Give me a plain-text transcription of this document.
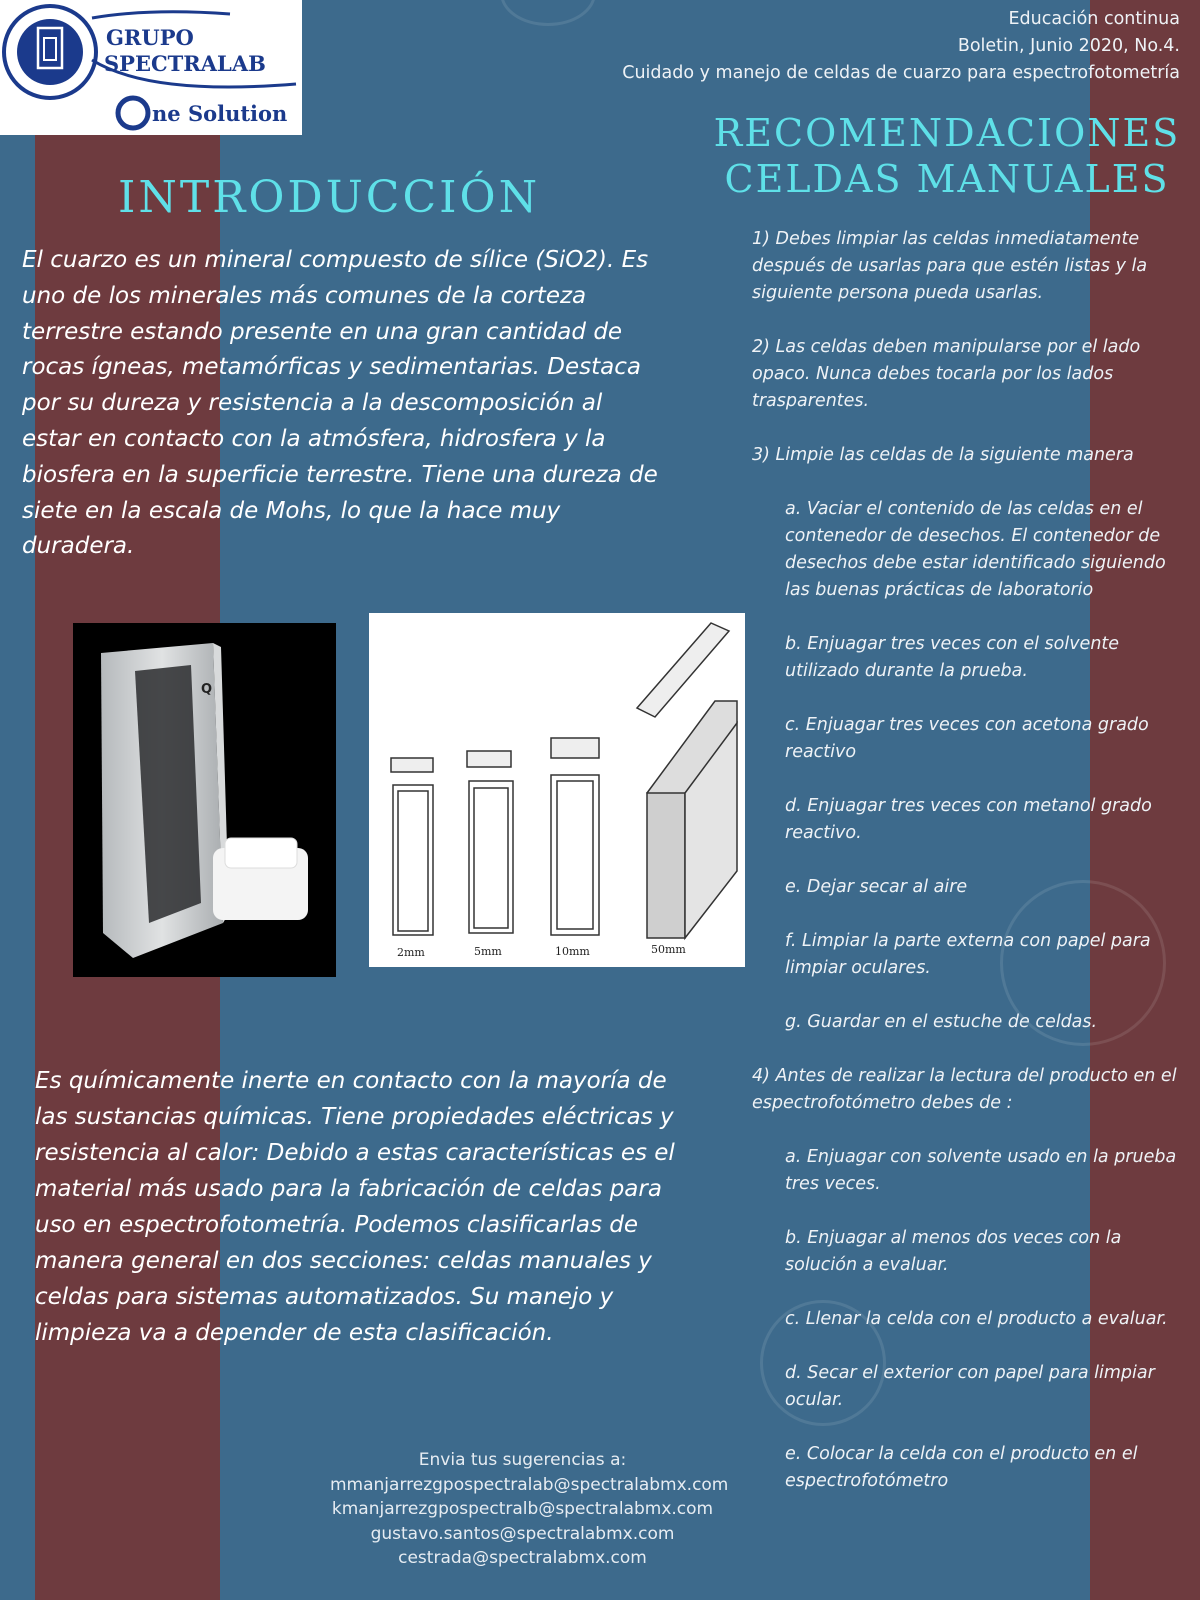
GRUPO
SPECTRALAB
ne Solution
Educación continua
Boletin, Junio 2020, No.4.
Cuidado y manejo de celdas de cuarzo para espectrofotometría
INTRODUCCIÓN
RECOMENDACIONES
CELDAS MANUALES

El cuarzo es un mineral compuesto de sílice (SiO2). Es uno de los minerales más comunes de la corteza terrestre estando presente en una gran cantidad de rocas ígneas, metamórficas y sedimentarias. Destaca por su dureza y resistencia a la descomposición al estar en contacto con la atmósfera, hidrosfera y la biosfera en la superficie terrestre. Tiene una dureza de siete en la escala de Mohs, lo que la hace muy duradera.

Q
2mm	5mm	10mm	50mm

Es químicamente inerte en contacto con la mayoría de las sustancias químicas. Tiene propiedades eléctricas y resistencia al calor: Debido a estas características es el material más usado para la fabricación de celdas para uso en espectrofotometría. Podemos clasificarlas de manera general en dos secciones: celdas manuales y celdas para sistemas automatizados. Su manejo y limpieza va a depender de esta clasificación.

1) Debes limpiar las celdas inmediatamente después de usarlas para que estén listas y la siguiente persona pueda usarlas.
2) Las celdas deben manipularse por el lado opaco. Nunca debes tocarla por los lados trasparentes.
3) Limpie las celdas de la siguiente manera
a. Vaciar el contenido de las celdas en el contenedor de desechos. El contenedor de desechos debe estar identificado siguiendo las buenas prácticas de laboratorio
b. Enjuagar tres veces con el solvente utilizado durante la prueba.
c. Enjuagar tres veces con acetona grado reactivo
d. Enjuagar tres veces con metanol grado reactivo.
e. Dejar secar al aire
f. Limpiar la parte externa con papel para limpiar oculares.
g. Guardar en el estuche de celdas.
4) Antes de realizar la lectura del producto en el espectrofotómetro debes de :
a. Enjuagar con solvente usado en la prueba tres veces.
b. Enjuagar al menos dos veces con la solución a evaluar.
c. Llenar la celda con el producto a evaluar.
d. Secar el exterior con papel para limpiar ocular.
e. Colocar la celda con el producto en el espectrofotómetro
Envia tus sugerencias a:
mmanjarrezgpospectralab@spectralabmx.com
kmanjarrezgpospectralb@spectralabmx.com
gustavo.santos@spectralabmx.com
cestrada@spectralabmx.com
